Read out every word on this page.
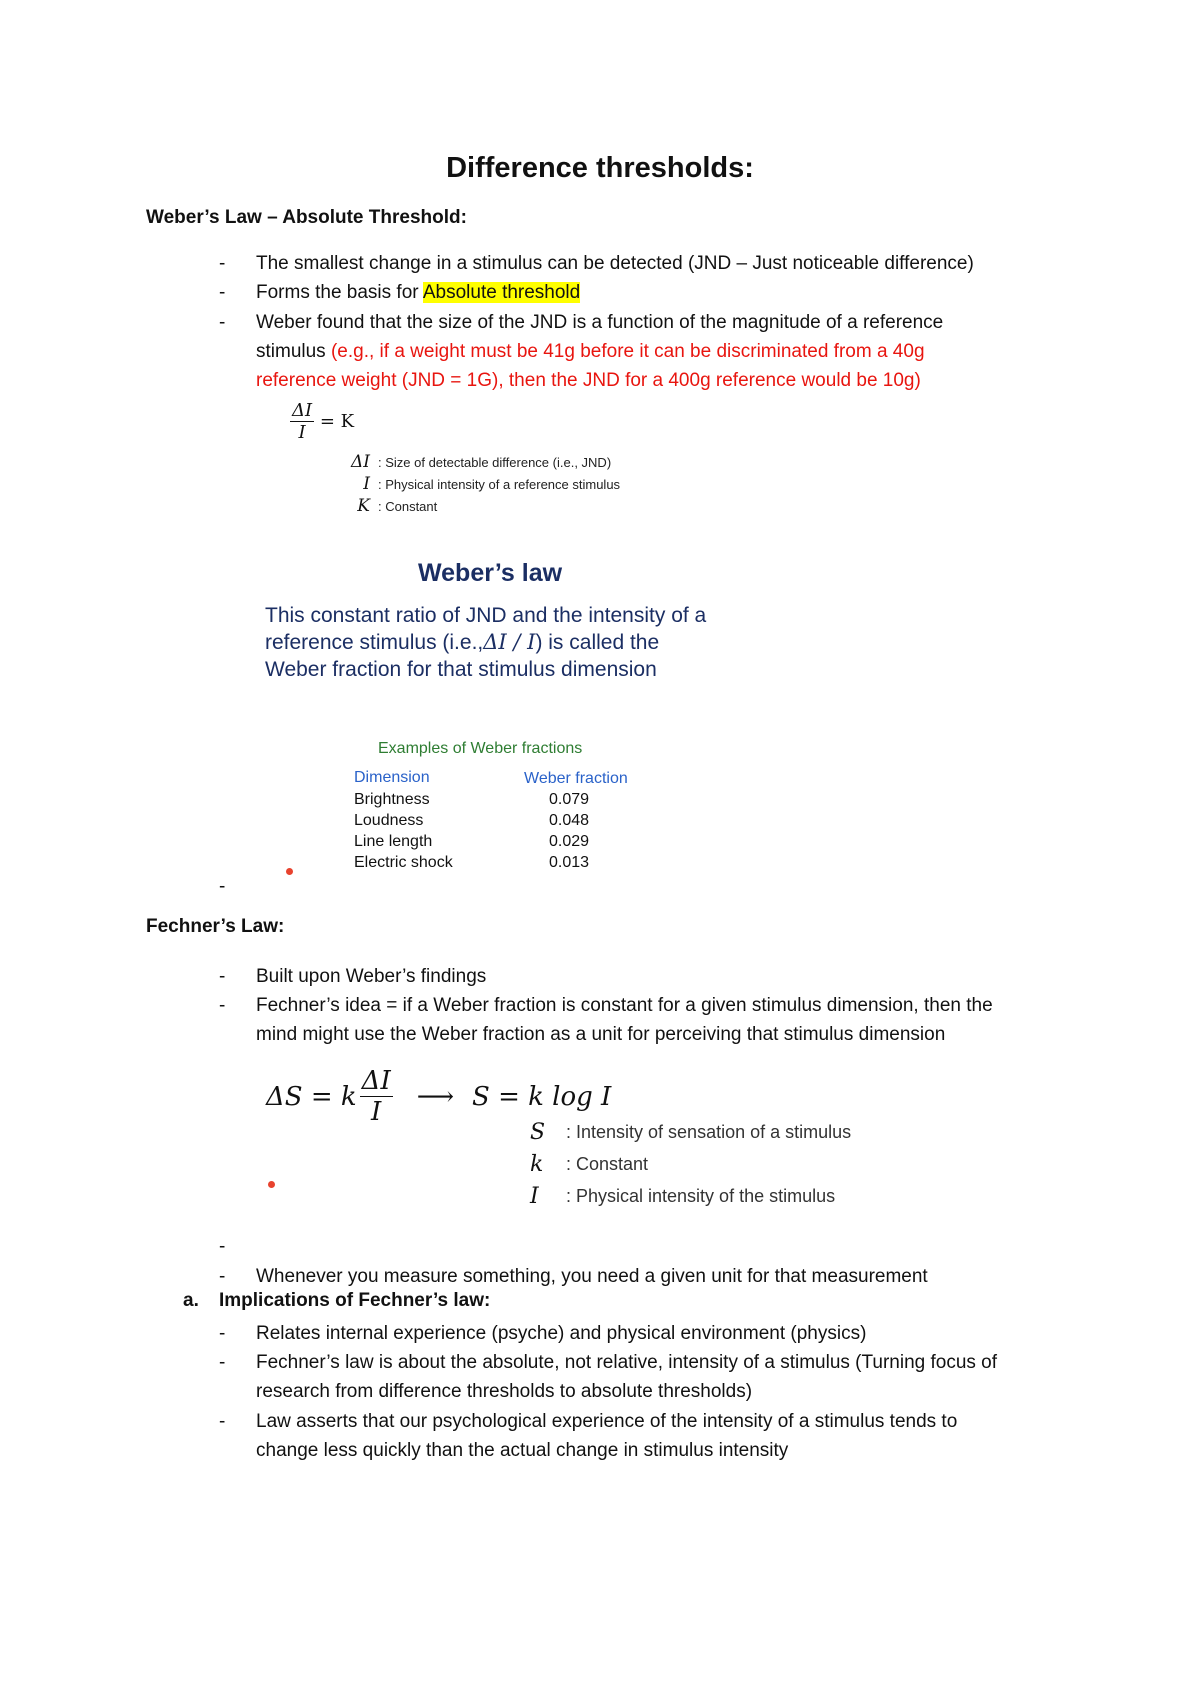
Difference thresholds:
Weber’s Law – Absolute Threshold:
-	The smallest change in a stimulus can be detected (JND – Just noticeable difference)
-	Forms the basis for Absolute threshold
-	Weber found that the size of the JND is a function of the magnitude of a reference
stimulus (e.g., if a weight must be 41g before it can be discriminated from a 40g
reference weight (JND = 1G), then the JND for a 400g reference would be 10g)
$\frac{\Delta I}{I} = K$
ΔI : Size of detectable difference (i.e., JND)
I : Physical intensity of a reference stimulus
K : Constant
Weber’s law
This constant ratio of JND and the intensity of a
reference stimulus (i.e.,ΔI / I) is called the
Weber fraction for that stimulus dimension
Examples of Weber fractions
Dimension	Weber fraction
Brightness	0.079
Loudness	0.048
Line length	0.029
Electric shock	0.013
-
Fechner’s Law:
-	Built upon Weber’s findings
-	Fechner’s idea = if a Weber fraction is constant for a given stimulus dimension, then the
mind might use the Weber fraction as a unit for perceiving that stimulus dimension
ΔS = k $\frac{\Delta I}{I}$ ⟶ S = k log I
S	: Intensity of sensation of a stimulus
k	: Constant
I	: Physical intensity of the stimulus
-
-	Whenever you measure something, you need a given unit for that measurement
a. Implications of Fechner’s law:
-	Relates internal experience (psyche) and physical environment (physics)
-	Fechner’s law is about the absolute, not relative, intensity of a stimulus (Turning focus of
research from difference thresholds to absolute thresholds)
-	Law asserts that our psychological experience of the intensity of a stimulus tends to
change less quickly than the actual change in stimulus intensity
